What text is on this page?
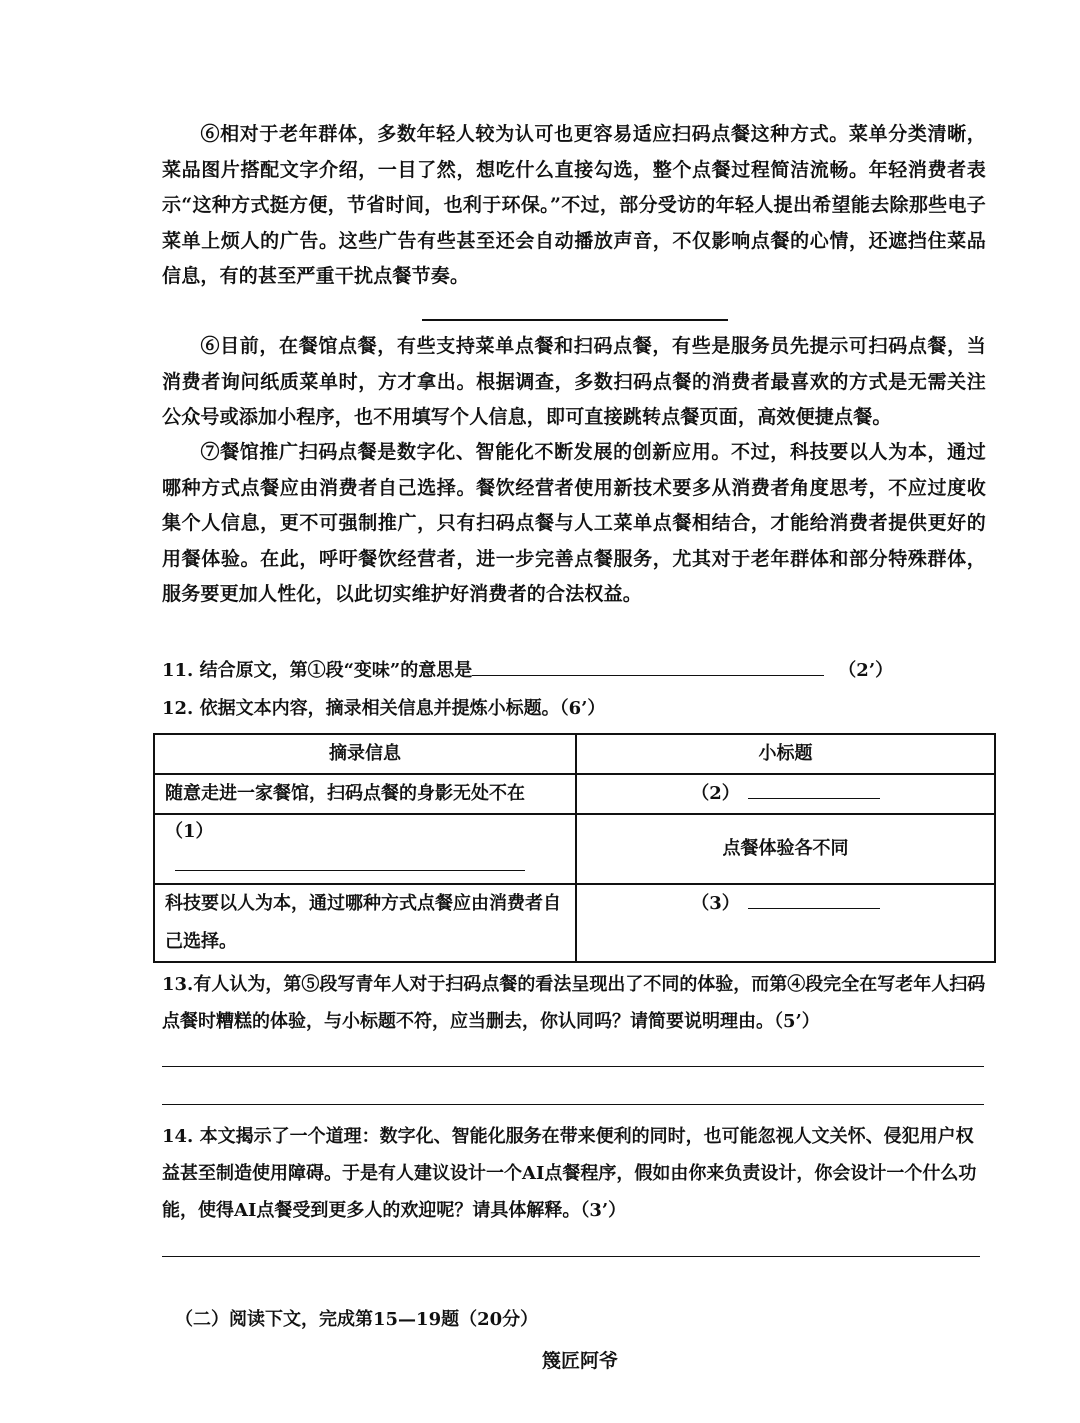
⑥相对于老年群体，多数年轻人较为认可也更容易适应扫码点餐这种方式。菜单分类清晰，菜品图片搭配文字介绍，一目了然，想吃什么直接勾选，整个点餐过程简洁流畅。年轻消费者表示“这种方式挺方便，节省时间，也利于环保。”不过，部分受访的年轻人提出希望能去除那些电子菜单上烦人的广告。这些广告有些甚至还会自动播放声音，不仅影响点餐的心情，还遮挡住菜品信息，有的甚至严重干扰点餐节奏。
⑥目前，在餐馆点餐，有些支持菜单点餐和扫码点餐，有些是服务员先提示可扫码点餐，当消费者询问纸质菜单时，方才拿出。根据调查，多数扫码点餐的消费者最喜欢的方式是无需关注公众号或添加小程序，也不用填写个人信息，即可直接跳转点餐页面，高效便捷点餐。
⑦餐馆推广扫码点餐是数字化、智能化不断发展的创新应用。不过，科技要以人为本，通过哪种方式点餐应由消费者自己选择。餐饮经营者使用新技术要多从消费者角度思考，不应过度收集个人信息，更不可强制推广，只有扫码点餐与人工菜单点餐相结合，才能给消费者提供更好的用餐体验。在此，呼吁餐饮经营者，进一步完善点餐服务，尤其对于老年群体和部分特殊群体，服务要更加人性化，以此切实维护好消费者的合法权益。
11. 结合原文，第①段“变味”的意思是	（2’）
12. 依据文本内容，摘录相关信息并提炼小标题。（6’）
摘录信息	小标题
随意走进一家餐馆，扫码点餐的身影无处不在	（2）
（1）	点餐体验各不同
科技要以人为本，通过哪种方式点餐应由消费者自己选择。	（3）
13.有人认为，第⑤段写青年人对于扫码点餐的看法呈现出了不同的体验，而第④段完全在写老年人扫码点餐时糟糕的体验，与小标题不符，应当删去，你认同吗？请简要说明理由。（5’）
14. 本文揭示了一个道理：数字化、智能化服务在带来便利的同时，也可能忽视人文关怀、侵犯用户权益甚至制造使用障碍。于是有人建议设计一个AI点餐程序，假如由你来负责设计，你会设计一个什么功能，使得AI点餐受到更多人的欢迎呢？请具体解释。（3’）
（二）阅读下文，完成第15—19题（20分）
篾匠阿爷
